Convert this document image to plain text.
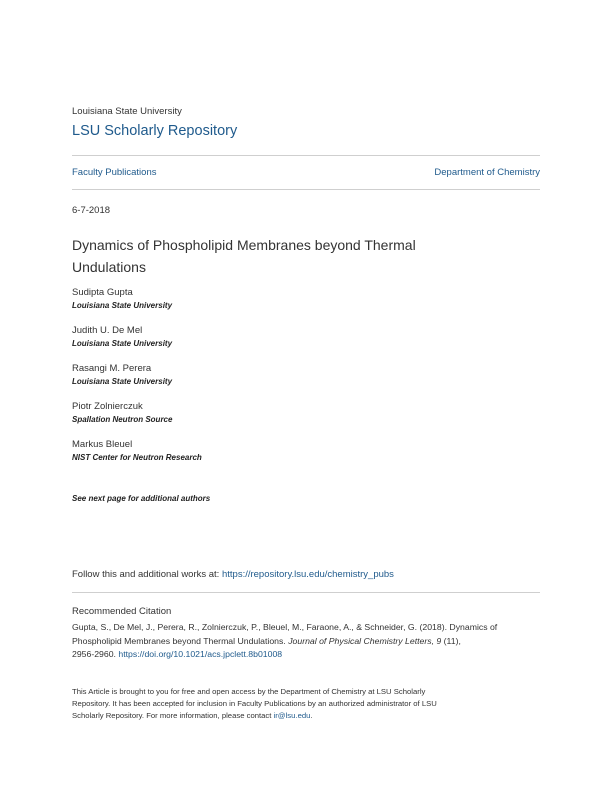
Louisiana State University
LSU Scholarly Repository
Faculty Publications	Department of Chemistry
6-7-2018
Dynamics of Phospholipid Membranes beyond Thermal
Undulations
Sudipta Gupta
Louisiana State University
Judith U. De Mel
Louisiana State University
Rasangi M. Perera
Louisiana State University
Piotr Zolnierczuk
Spallation Neutron Source
Markus Bleuel
NIST Center for Neutron Research
See next page for additional authors
Follow this and additional works at: https://repository.lsu.edu/chemistry_pubs
Recommended Citation
Gupta, S., De Mel, J., Perera, R., Zolnierczuk, P., Bleuel, M., Faraone, A., & Schneider, G. (2018). Dynamics of
Phospholipid Membranes beyond Thermal Undulations. Journal of Physical Chemistry Letters, 9 (11),
2956-2960. https://doi.org/10.1021/acs.jpclett.8b01008
This Article is brought to you for free and open access by the Department of Chemistry at LSU Scholarly
Repository. It has been accepted for inclusion in Faculty Publications by an authorized administrator of LSU
Scholarly Repository. For more information, please contact ir@lsu.edu.
